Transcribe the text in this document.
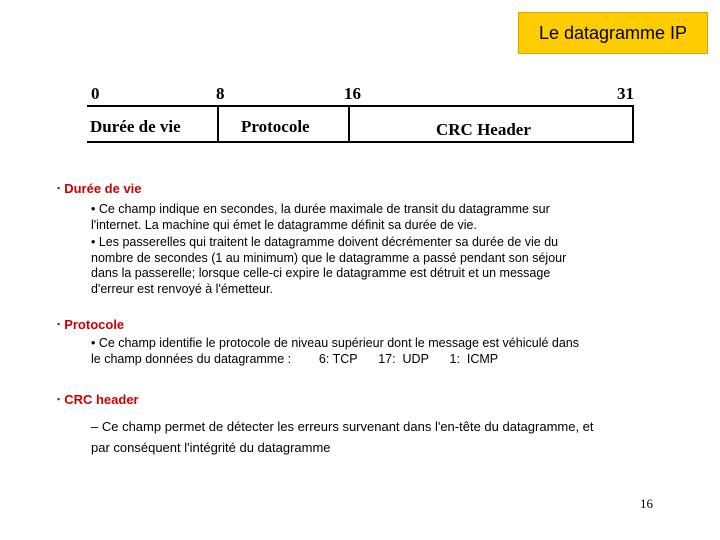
Le datagramme IP
0	8	16	31
Durée de vie	Protocole	CRC Header
▪ Durée de vie
• Ce champ indique en secondes, la durée maximale de transit du datagramme sur
l'internet. La machine qui émet le datagramme définit sa durée de vie.
• Les passerelles qui traitent le datagramme doivent décrémenter sa durée de vie du
nombre de secondes (1 au minimum) que le datagramme a passé pendant son séjour
dans la passerelle; lorsque celle-ci expire le datagramme est détruit et un message
d'erreur est renvoyé à l'émetteur.
▪ Protocole
• Ce champ identifie le protocole de niveau supérieur dont le message est véhiculé dans
le champ données du datagramme :        6: TCP      17:  UDP      1:  ICMP
▪ CRC header
– Ce champ permet de détecter les erreurs survenant dans l'en-tête du datagramme, et
par conséquent l'intégrité du datagramme
16
